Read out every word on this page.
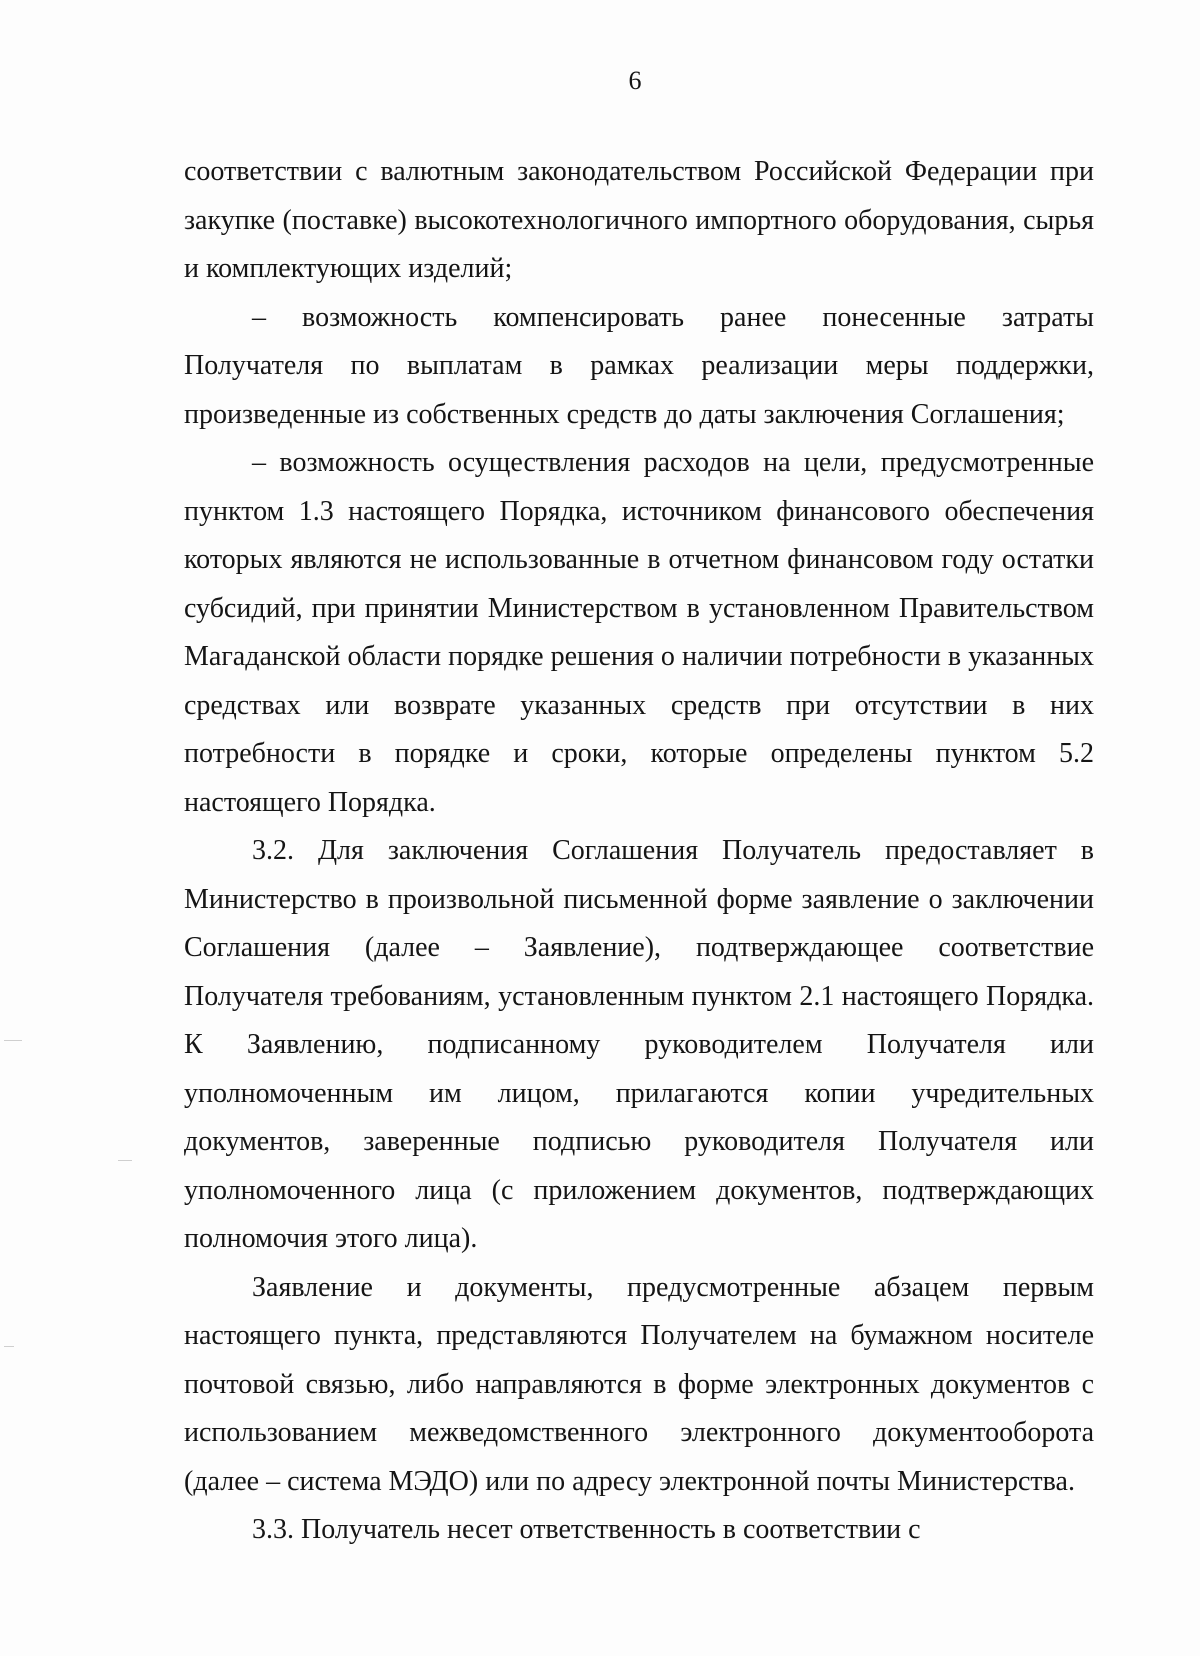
6

соответствии с валютным законодательством Российской Федерации при закупке (поставке) высокотехнологичного импортного оборудования, сырья и комплектующих изделий;

– возможность компенсировать ранее понесенные затраты Получателя по выплатам в рамках реализации меры поддержки, произведенные из собственных средств до даты заключения Соглашения;

– возможность осуществления расходов на цели, предусмотренные пунктом 1.3 настоящего Порядка, источником финансового обеспечения которых являются не использованные в отчетном финансовом году остатки субсидий, при принятии Министерством в установленном Правительством Магаданской области порядке решения о наличии потребности в указанных средствах или возврате указанных средств при отсутствии в них потребности в порядке и сроки, которые определены пунктом 5.2 настоящего Порядка.

3.2. Для заключения Соглашения Получатель предоставляет в Министерство в произвольной письменной форме заявление о заключении Соглашения (далее – Заявление), подтверждающее соответствие Получателя требованиям, установленным пунктом 2.1 настоящего Порядка. К Заявлению, подписанному руководителем Получателя или уполномоченным им лицом, прилагаются копии учредительных документов, заверенные подписью руководителя Получателя или уполномоченного лица (с приложением документов, подтверждающих полномочия этого лица).

Заявление и документы, предусмотренные абзацем первым настоящего пункта, представляются Получателем на бумажном носителе почтовой связью, либо направляются в форме электронных документов с использованием межведомственного электронного документооборота (далее – система МЭДО) или по адресу электронной почты Министерства.

3.3. Получатель несет ответственность в соответствии с
